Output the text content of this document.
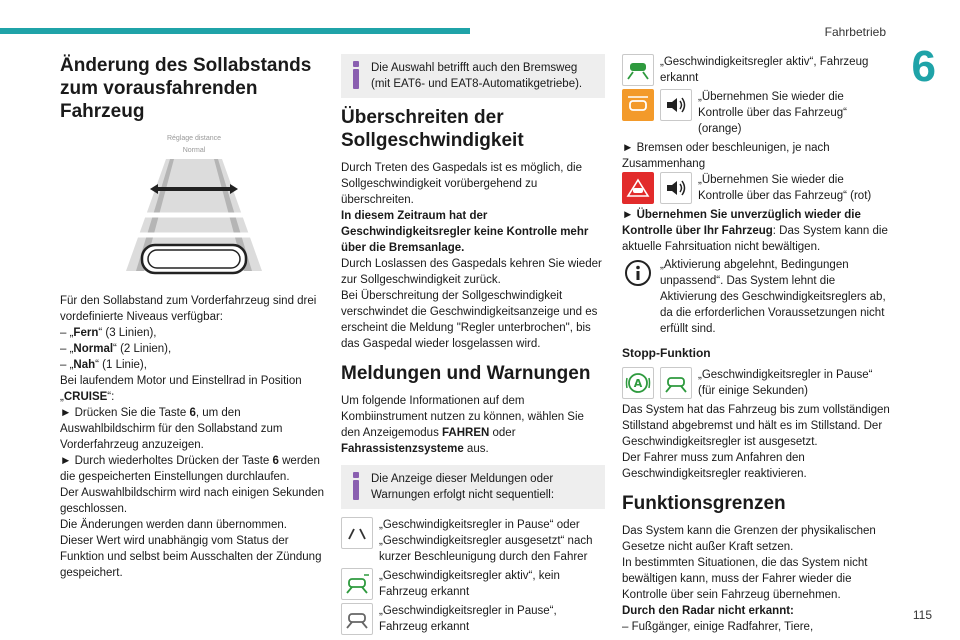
Fahrbetrieb
6
115
Änderung des Sollabstands zum vorausfahrenden Fahrzeug
Réglage distance
Normal

Für den Sollabstand zum Vorderfahrzeug sind drei vordefinierte Niveaus verfügbar:

– „Fern“ (3 Linien),

– „Normal“ (2 Linien),

– „Nah“ (1 Linie),

Bei laufendem Motor und Einstellrad in Position „CRUISE“:

► Drücken Sie die Taste 6, um den Auswahlbildschirm für den Sollabstand zum Vorderfahrzeug anzuzeigen.

► Durch wiederholtes Drücken der Taste 6 werden die gespeicherten Einstellungen durchlaufen.

Der Auswahlbildschirm wird nach einigen Sekunden geschlossen.

Die Änderungen werden dann übernommen.

Dieser Wert wird unabhängig vom Status der Funktion und selbst beim Ausschalten der Zündung gespeichert.

Die Auswahl betrifft auch den Bremsweg (mit EAT6- und EAT8-Automatikgetriebe).

Überschreiten der Sollgeschwindigkeit

Durch Treten des Gaspedals ist es möglich, die Sollgeschwindigkeit vorübergehend zu überschreiten.

In diesem Zeitraum hat der Geschwindigkeitsregler keine Kontrolle mehr über die Bremsanlage.

Durch Loslassen des Gaspedals kehren Sie wieder zur Sollgeschwindigkeit zurück.

Bei Überschreitung der Sollgeschwindigkeit verschwindet die Geschwindigkeitsanzeige und es erscheint die Meldung "Regler unterbrochen", bis das Gaspedal wieder losgelassen wird.

Meldungen und Warnungen

Um folgende Informationen auf dem Kombiinstrument nutzen zu können, wählen Sie den Anzeigemodus FAHREN oder Fahrassistenzsysteme aus.

Die Anzeige dieser Meldungen oder Warnungen erfolgt nicht sequentiell:

„Geschwindigkeitsregler in Pause“ oder „Geschwindigkeitsregler ausgesetzt“ nach kurzer Beschleunigung durch den Fahrer

„Geschwindigkeitsregler aktiv“, kein Fahrzeug erkannt

„Geschwindigkeitsregler in Pause“, Fahrzeug erkannt

„Geschwindigkeitsregler aktiv“, Fahrzeug erkannt

„Übernehmen Sie wieder die Kontrolle über das Fahrzeug“ (orange)

► Bremsen oder beschleunigen, je nach Zusammenhang

„Übernehmen Sie wieder die Kontrolle über das Fahrzeug“ (rot)

► Übernehmen Sie unverzüglich wieder die Kontrolle über Ihr Fahrzeug: Das System kann die aktuelle Fahrsituation nicht bewältigen.

„Aktivierung abgelehnt, Bedingungen unpassend“. Das System lehnt die Aktivierung des Geschwindigkeitsreglers ab, da die erforderlichen Voraussetzungen nicht erfüllt sind.

Stopp-Funktion
A

„Geschwindigkeitsregler in Pause“ (für einige Sekunden)

Das System hat das Fahrzeug bis zum vollständigen Stillstand abgebremst und hält es im Stillstand. Der Geschwindigkeitsregler ist ausgesetzt.

Der Fahrer muss zum Anfahren den Geschwindigkeitsregler reaktivieren.

Funktionsgrenzen

Das System kann die Grenzen der physikalischen Gesetze nicht außer Kraft setzen.

In bestimmten Situationen, die das System nicht bewältigen kann, muss der Fahrer wieder die Kontrolle über sein Fahrzeug übernehmen.

Durch den Radar nicht erkannt:

– Fußgänger, einige Radfahrer, Tiere,
